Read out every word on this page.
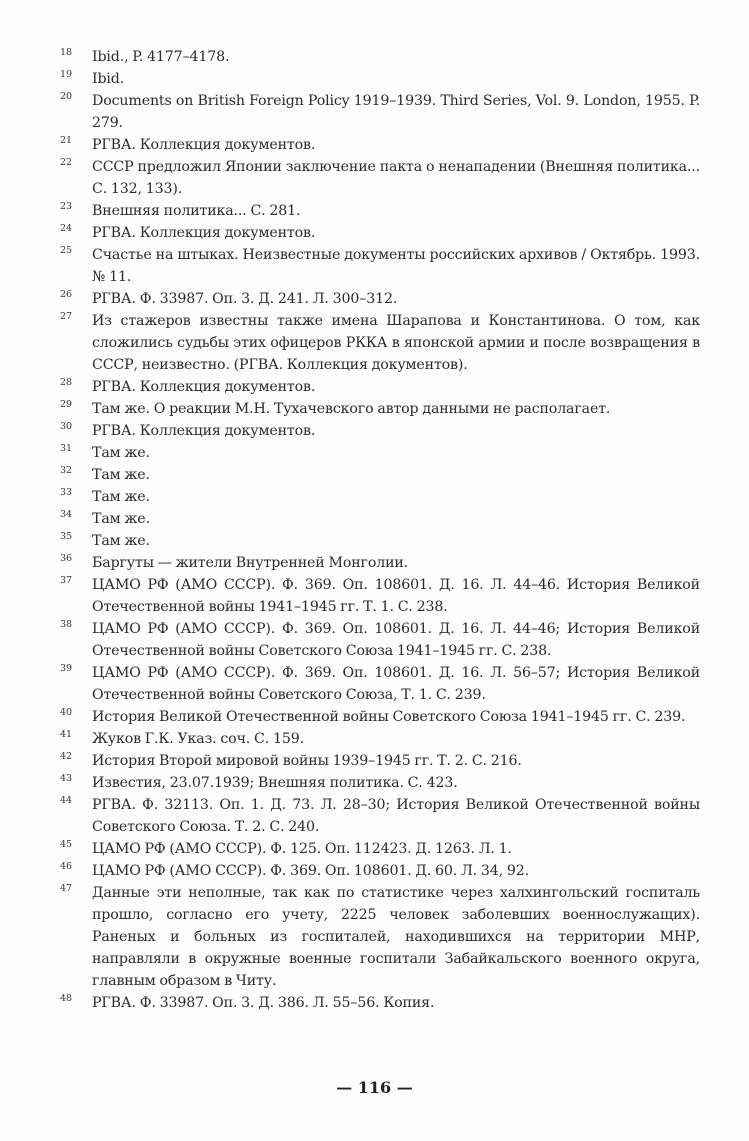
18	Ibid., P. 4177–4178.
19	Ibid.
20	Documents on British Foreign Policy 1919–1939. Third Series, Vol. 9. London, 1955. P. 279.
21	РГВА. Коллекция документов.
22	СССР предложил Японии заключение пакта о ненападении (Внешняя политика... С. 132, 133).
23	Внешняя политика... С. 281.
24	РГВА. Коллекция документов.
25	Счастье на штыках. Неизвестные документы российских архивов / Октябрь. 1993. № 11.
26	РГВА. Ф. 33987. Оп. 3. Д. 241. Л. 300–312.
27	Из стажеров известны также имена Шарапова и Константинова. О том, как сложились судьбы этих офицеров РККА в японской армии и после возвращения в СССР, неизвестно. (РГВА. Коллекция документов).
28	РГВА. Коллекция документов.
29	Там же. О реакции М.Н. Тухачевского автор данными не располагает.
30	РГВА. Коллекция документов.
31	Там же.
32	Там же.
33	Там же.
34	Там же.
35	Там же.
36	Баргуты — жители Внутренней Монголии.
37	ЦАМО РФ (АМО СССР). Ф. 369. Оп. 108601. Д. 16. Л. 44–46. История Великой Отечественной войны 1941–1945 гг. Т. 1. С. 238.
38	ЦАМО РФ (АМО СССР). Ф. 369. Оп. 108601. Д. 16. Л. 44–46; История Великой Отечественной войны Советского Союза 1941–1945 гг. С. 238.
39	ЦАМО РФ (АМО СССР). Ф. 369. Оп. 108601. Д. 16. Л. 56–57; История Великой Отечественной войны Советского Союза, Т. 1. С. 239.
40	История Великой Отечественной войны Советского Союза 1941–1945 гг. С. 239.
41	Жуков Г.К. Указ. соч. С. 159.
42	История Второй мировой войны 1939–1945 гг. Т. 2. С. 216.
43	Известия, 23.07.1939; Внешняя политика. С. 423.
44	РГВА. Ф. 32113. Оп. 1. Д. 73. Л. 28–30; История Великой Отечественной войны Советского Союза. Т. 2. С. 240.
45	ЦАМО РФ (АМО СССР). Ф. 125. Оп. 112423. Д. 1263. Л. 1.
46	ЦАМО РФ (АМО СССР). Ф. 369. Оп. 108601. Д. 60. Л. 34, 92.
47	Данные эти неполные, так как по статистике через халхингольский госпиталь прошло, согласно его учету, 2225 человек заболевших военнослужащих). Раненых и больных из госпиталей, находившихся на территории МНР, направляли в окружные военные госпитали Забайкальского военного округа, главным образом в Читу.
48	РГВА. Ф. 33987. Оп. 3. Д. 386. Л. 55–56. Копия.
— 116 —
